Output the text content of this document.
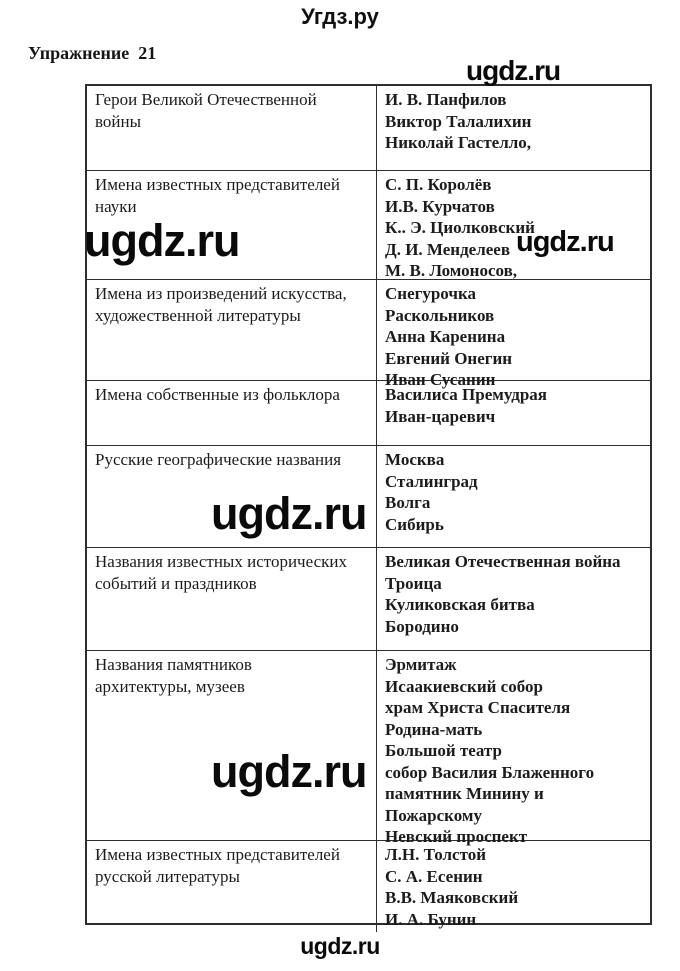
Угдз.ру
Упражнение  21
Герои Великой Отечественной
войны
И. В. Панфилов
Виктор Талалихин
Николай Гастелло,
Имена известных представителей
науки
С. П. Королёв
И.В. Курчатов
К.. Э. Циолковский
Д. И. Менделеев
М. В. Ломоносов,
Имена из произведений искусства,
художественной литературы
Снегурочка
Раскольников
Анна Каренина
Евгений Онегин
Иван Сусанин
Имена собственные из фольклора	Василиса Премудрая
Иван-царевич
Русские географические названия	Москва
Сталинград
Волга
Сибирь
Названия известных исторических
событий и праздников
Великая Отечественная война
Троица
Куликовская битва
Бородино
Названия памятников
архитектуры, музеев
Эрмитаж
Исаакиевский собор
храм Христа Спасителя
Родина-мать
Большой театр
собор Василия Блаженного
памятник Минину и
Пожарскому
Невский проспект
Имена известных представителей
русской литературы
Л.Н. Толстой
С. А. Есенин
В.В. Маяковский
И. А. Бунин
ugdz.ru
ugdz.ru
ugdz.ru
ugdz.ru
ugdz.ru
ugdz.ru
